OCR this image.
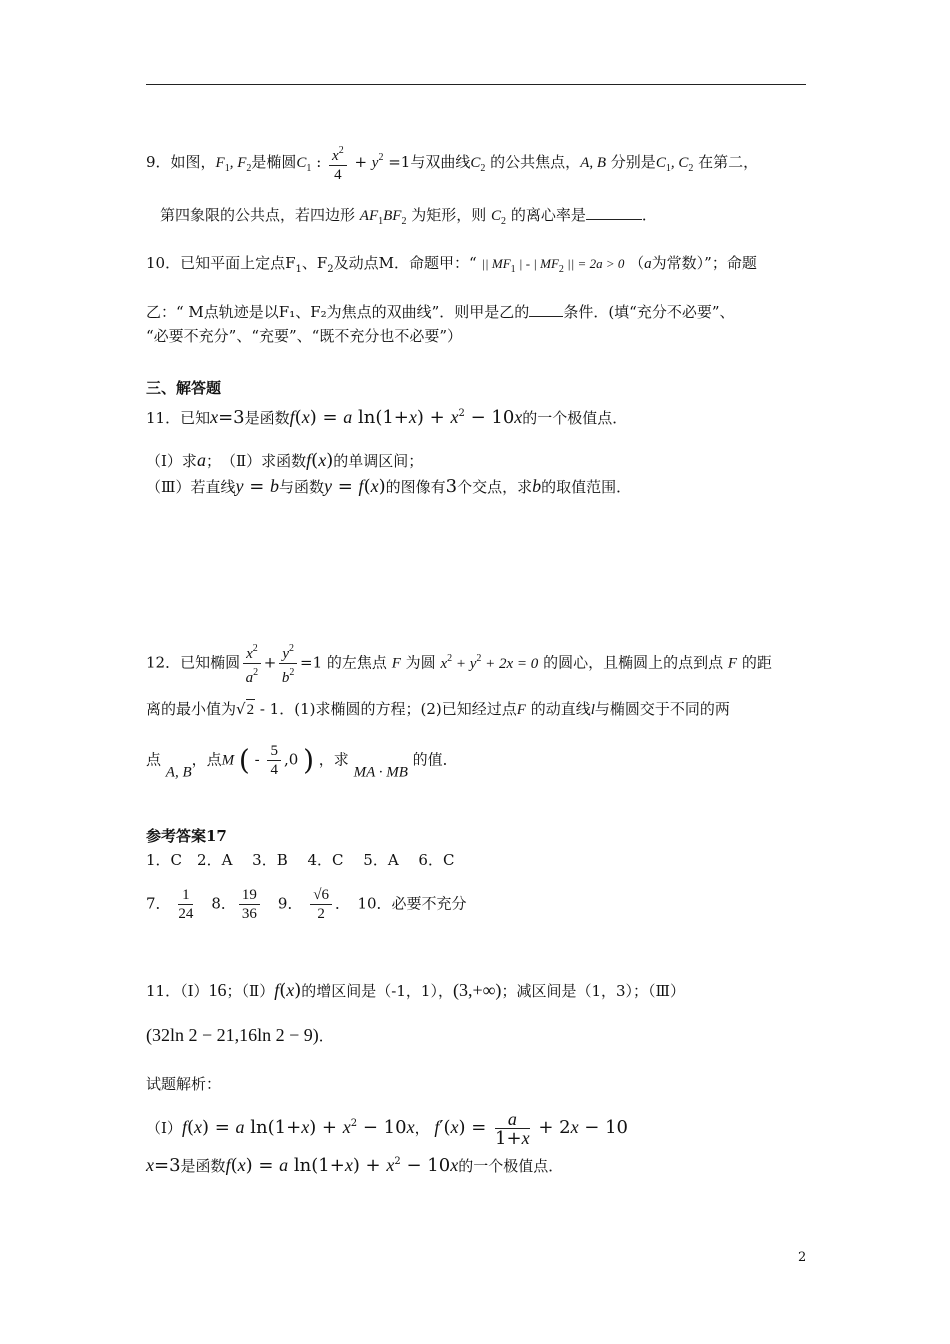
9．如图，$F_1$, $F_2$是椭圆$C_1$ : $\frac{x^2}{4} + y^2 =1$与双曲线$C_2$ 的公共焦点，A, B 分别是$C_1$, $C_2$ 在第二，
第四象限的公共点，若四边形 $AF_1BF_2$ 为矩形，则 $C_2$ 的离心率是	．
10．已知平面上定点$F_1$、$F_2$及动点M．命题甲：“ || $MF_1$ | - | $MF_2$ || = 2a > 0 （a为常数）”；命题
乙：“ M点轨迹是以F₁、F₂为焦点的双曲线”．则甲是乙的 条件．(填“充分不必要”、
“必要不充分”、“充要”、“既不充分也不必要”）
三、解答题
11．已知x=3是函数f(x) = a $\ln(1+x) + x^2 - 10x$的一个极值点．
（Ⅰ）求a；　（Ⅱ）求函数f(x)的单调区间；
（Ⅲ）若直线y = b与函数y = f(x)的图像有3个交点，求b的取值范围．
12．已知椭圆 $\frac{x^2}{a^2} + \frac{y^2}{b^2} =1$ 的左焦点 F 为圆 $x^2 + y^2 + 2x = 0$ 的圆心，且椭圆上的点到点 F 的距
离的最小值为√2 - 1．(1)求椭圆的方程；(2)已知经过点F 的动直线l与椭圆交于不同的两
点 A, B，点M ( - $\frac{5}{4} ,0$ ) ，求 MA · MB 的值．
参考答案17
1．C　2．A　 3．B　 4．C　 5．A　 6．C
7． $\frac{1}{24}$
　 8． $\frac{19}{36}$
　 9． $\frac{√6}{2}$ ．　10．必要不充分
11．（Ⅰ）16；（Ⅱ）f(x)的增区间是（-1，1），(3,+∞)；减区间是（1，3）；（Ⅲ）
(32ln 2 − 21,16ln 2 − 9)．
试题解析：
（Ⅰ）f(x) = a $\ln(1+x) + x^2 - 10x$， $f'(x) = \frac{a}{1+x} + 2x - 10$
x=3是函数f(x) = a $\ln(1+x) + x^2 - 10x$的一个极值点．
2
